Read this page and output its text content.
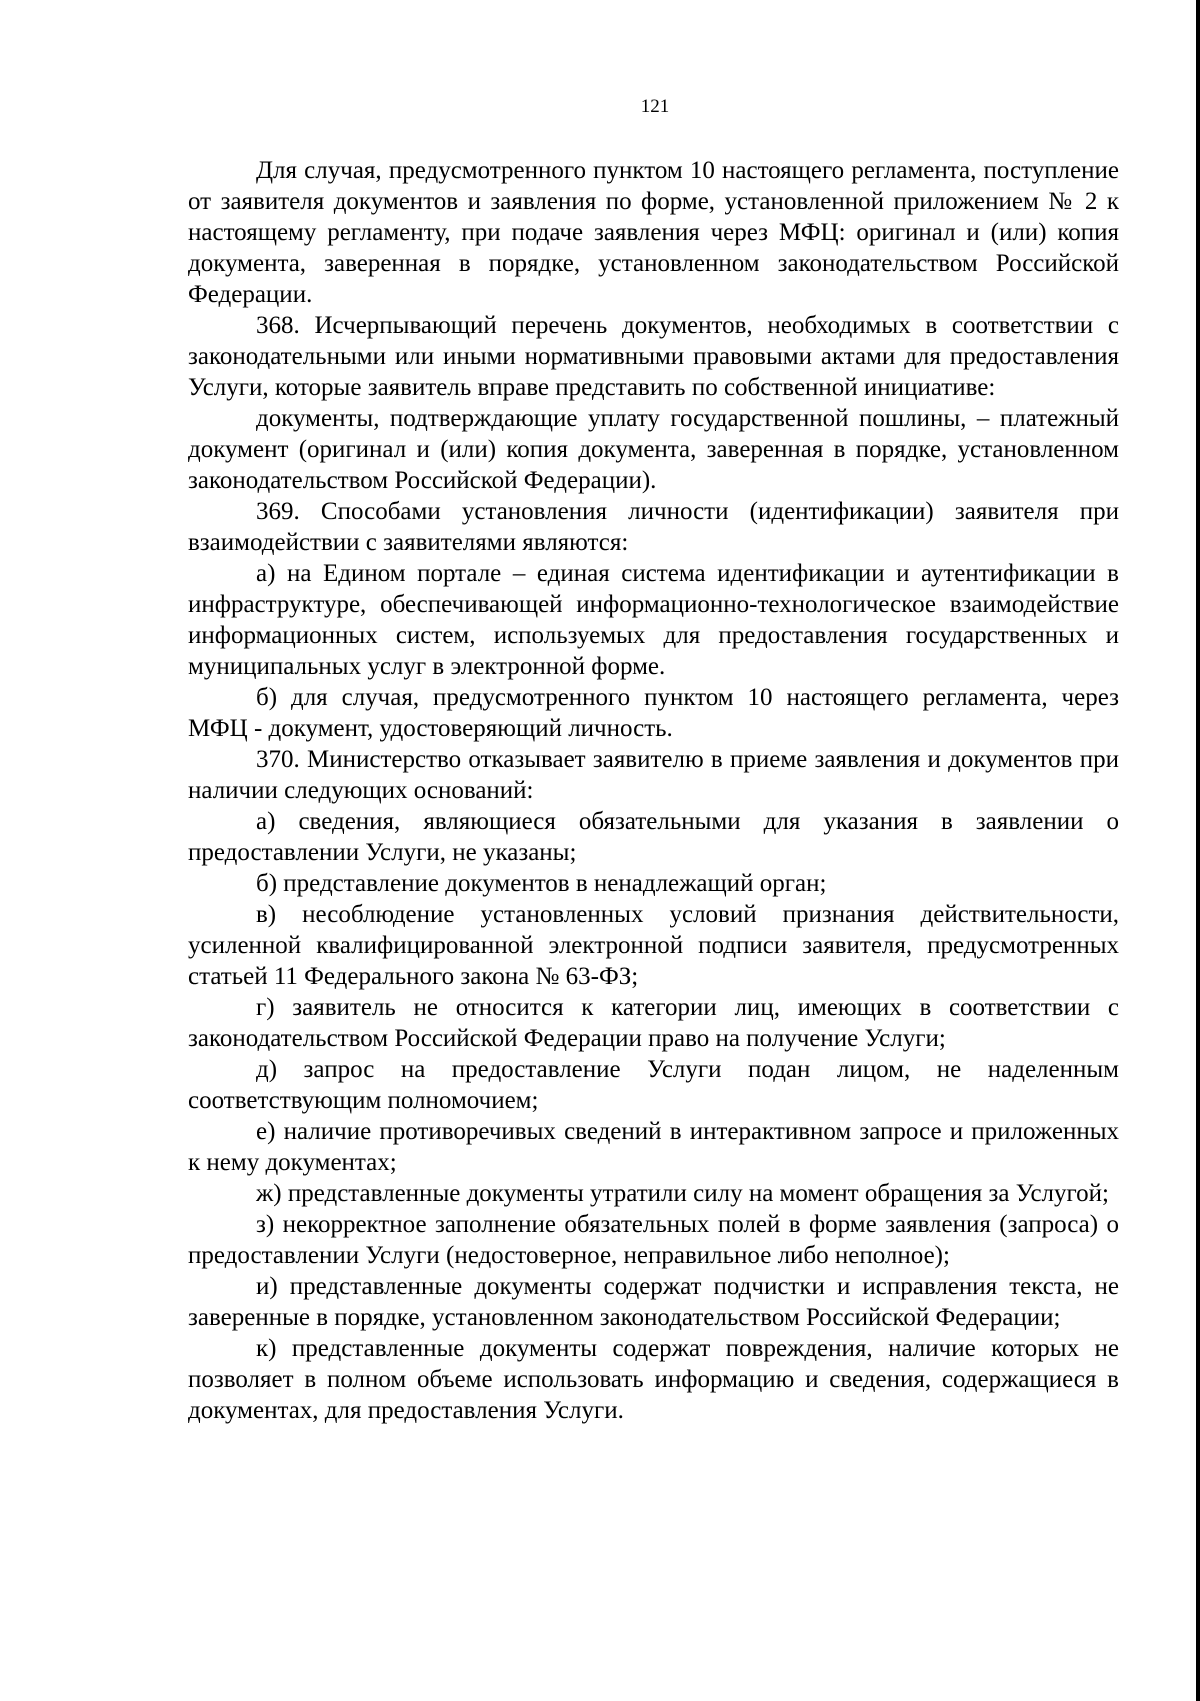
121

Для случая, предусмотренного пунктом 10 настоящего регламента, поступление от заявителя документов и заявления по форме, установленной приложением № 2 к настоящему регламенту, при подаче заявления через МФЦ: оригинал и (или) копия документа, заверенная в порядке, установленном законодательством Российской Федерации.

368. Исчерпывающий перечень документов, необходимых в соответствии с законодательными или иными нормативными правовыми актами для предоставления Услуги, которые заявитель вправе представить по собственной инициативе:

документы, подтверждающие уплату государственной пошлины, – платежный документ (оригинал и (или) копия документа, заверенная в порядке, установленном законодательством Российской Федерации).

369. Способами установления личности (идентификации) заявителя при взаимодействии с заявителями являются:

а) на Едином портале – единая система идентификации и аутентификации в инфраструктуре, обеспечивающей информационно-технологическое взаимодействие информационных систем, используемых для предоставления государственных и муниципальных услуг в электронной форме.

б) для случая, предусмотренного пунктом 10 настоящего регламента, через МФЦ - документ, удостоверяющий личность.

370. Министерство отказывает заявителю в приеме заявления и документов при наличии следующих оснований:

а) сведения, являющиеся обязательными для указания в заявлении о предоставлении Услуги, не указаны;

б) представление документов в ненадлежащий орган;

в) несоблюдение установленных условий признания действительности, усиленной квалифицированной электронной подписи заявителя, предусмотренных статьей 11 Федерального закона № 63-ФЗ;

г) заявитель не относится к категории лиц, имеющих в соответствии с законодательством Российской Федерации право на получение Услуги;

д) запрос на предоставление Услуги подан лицом, не наделенным соответствующим полномочием;

е) наличие противоречивых сведений в интерактивном запросе и приложенных к нему документах;

ж) представленные документы утратили силу на момент обращения за Услугой;

з) некорректное заполнение обязательных полей в форме заявления (запроса) о предоставлении Услуги (недостоверное, неправильное либо неполное);

и) представленные документы содержат подчистки и исправления текста, не заверенные в порядке, установленном законодательством Российской Федерации;

к) представленные документы содержат повреждения, наличие которых не позволяет в полном объеме использовать информацию и сведения, содержащиеся в документах, для предоставления Услуги.
